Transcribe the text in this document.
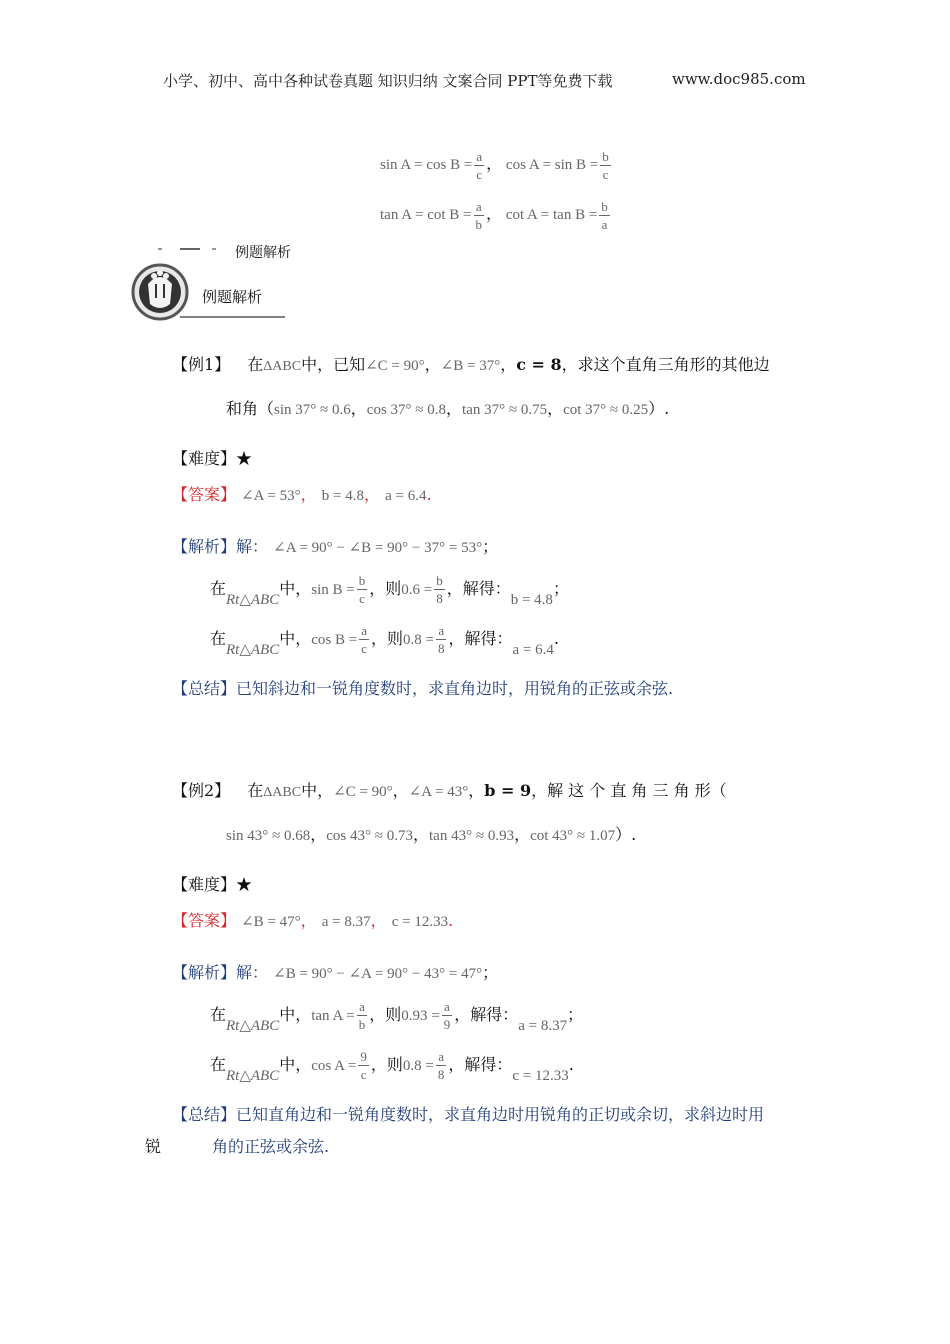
小学、初中、高中各种试卷真题 知识归纳 文案合同 PPT等免费下载	www.doc985.com
$\sin A = \cos B = \frac{a}{c}$ ， $\cos A = \sin B = \frac{b}{c}$
$\tan A = \cot B = \frac{a}{b}$ ， $\cot A = \tan B = \frac{b}{a}$
例题解析
例题解析
【例1】 在ΔABC中，已知∠C = 90°，∠B = 37°，c = 8，求这个直角三角形的其他边
和角（sin 37° ≈ 0.6，cos 37° ≈ 0.8，tan 37° ≈ 0.75，cot 37° ≈ 0.25）.
【难度】★
【答案】 ∠A = 53°， b = 4.8， a = 6.4.
【解析】解： ∠A = 90° − ∠B = 90° − 37° = 53°；
在Rt△ABC中，$\sin B = \frac{b}{c}$ ，则$0.6 = \frac{b}{8}$ ，解得：b = 4.8；
在Rt△ABC中，$\cos B = \frac{a}{c}$ ，则$0.8 = \frac{a}{8}$ ，解得：a = 6.4.
【总结】已知斜边和一锐角度数时，求直角边时，用锐角的正弦或余弦.
【例2】 在ΔABC中，∠C = 90°，∠A = 43°，b = 9，解 这 个 直 角 三 角 形（
sin 43° ≈ 0.68，cos 43° ≈ 0.73，tan 43° ≈ 0.93，cot 43° ≈ 1.07）.
【难度】★
【答案】 ∠B = 47°， a = 8.37， c = 12.33.
【解析】解： ∠B = 90° − ∠A = 90° − 43° = 47°；
在Rt△ABC中，$\tan A = \frac{a}{b}$ ，则$0.93 = \frac{a}{9}$ ，解得：a = 8.37；
在Rt△ABC中，$\cos A = \frac{9}{c}$ ，则$0.8 = \frac{a}{8}$ ，解得：c = 12.33.
【总结】已知直角边和一锐角度数时，求直角边时用锐角的正切或余切，求斜边时用
锐	角的正弦或余弦.
